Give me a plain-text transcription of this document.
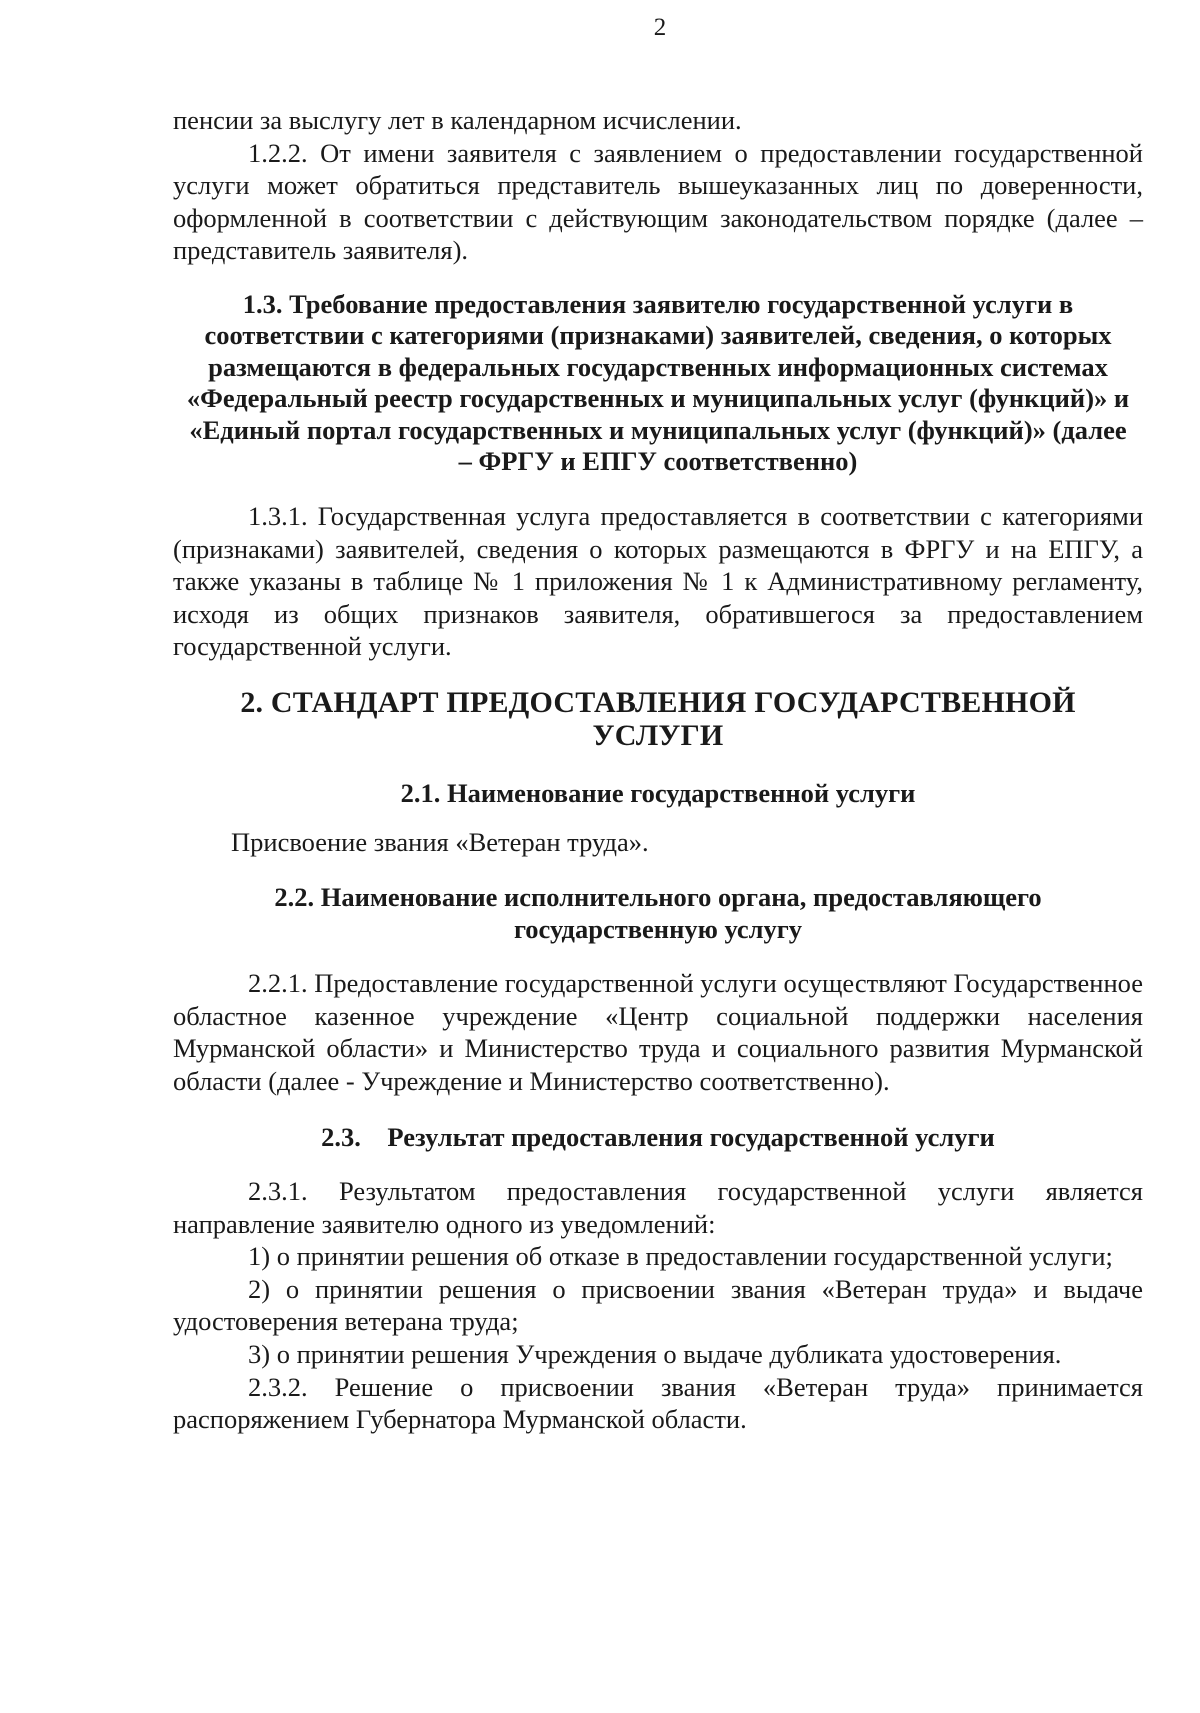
2

пенсии за выслугу лет в календарном исчислении.

1.2.2. От имени заявителя с заявлением о предоставлении государственной услуги может обратиться представитель вышеуказанных лиц по доверенности, оформленной в соответствии с действующим законодательством порядке (далее – представитель заявителя).

1.3. Требование предоставления заявителю государственной услуги в соответствии с категориями (признаками) заявителей, сведения, о которых размещаются в федеральных государственных информационных системах «Федеральный реестр государственных и муниципальных услуг (функций)» и «Единый портал государственных и муниципальных услуг (функций)» (далее – ФРГУ и ЕПГУ соответственно)

1.3.1. Государственная услуга предоставляется в соответствии с категориями (признаками) заявителей, сведения о которых размещаются в ФРГУ и на ЕПГУ, а также указаны в таблице № 1 приложения № 1 к Административному регламенту, исходя из общих признаков заявителя, обратившегося за предоставлением государственной услуги.

2. СТАНДАРТ ПРЕДОСТАВЛЕНИЯ ГОСУДАРСТВЕННОЙ УСЛУГИ

2.1. Наименование государственной услуги

Присвоение звания «Ветеран труда».

2.2. Наименование исполнительного органа, предоставляющего государственную услугу

2.2.1. Предоставление государственной услуги осуществляют Государственное областное казенное учреждение «Центр социальной поддержки населения Мурманской области» и Министерство труда и социального развития Мурманской области (далее - Учреждение и Министерство соответственно).

2.3.    Результат предоставления государственной услуги

2.3.1. Результатом предоставления государственной услуги является направление заявителю одного из уведомлений:

1) о принятии решения об отказе в предоставлении государственной услуги;

2) о принятии решения о присвоении звания «Ветеран труда» и выдаче удостоверения ветерана труда;

3) о принятии решения Учреждения о выдаче дубликата удостоверения.

2.3.2. Решение о присвоении звания «Ветеран труда» принимается распоряжением Губернатора Мурманской области.
